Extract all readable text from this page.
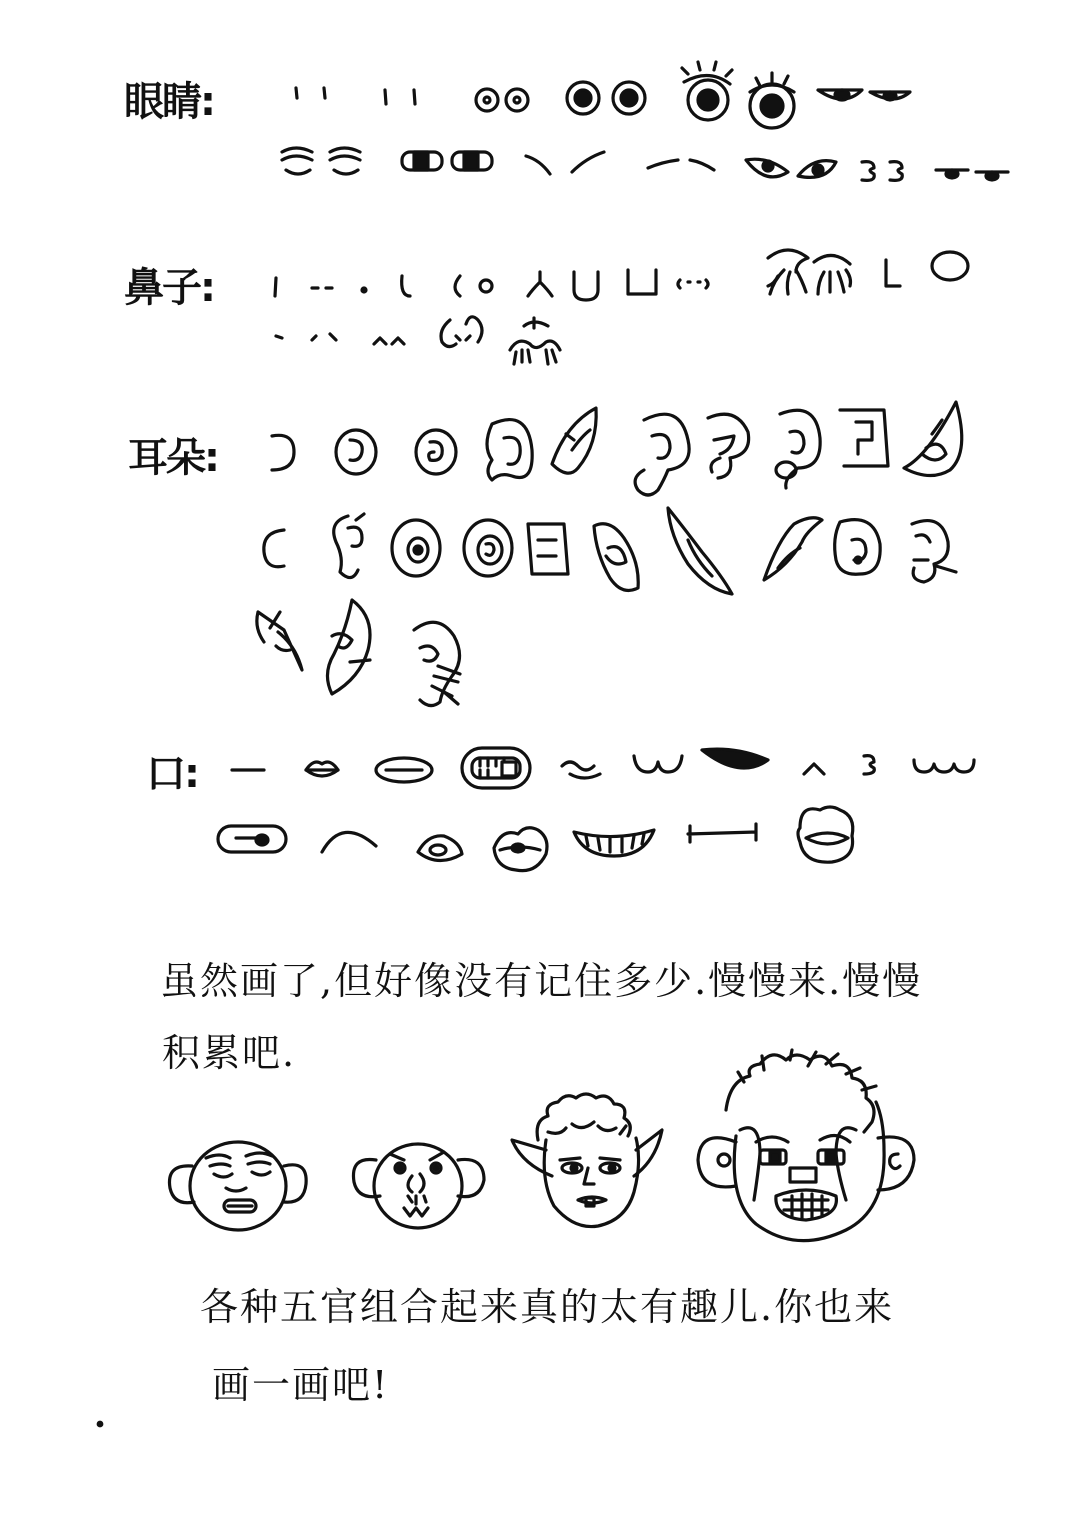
眼睛:
鼻子:
耳朵:
口:
虽然画了,但好像没有记住多少.慢慢来.慢慢
积累吧.
各种五官组合起来真的太有趣儿.你也来
画一画吧!
